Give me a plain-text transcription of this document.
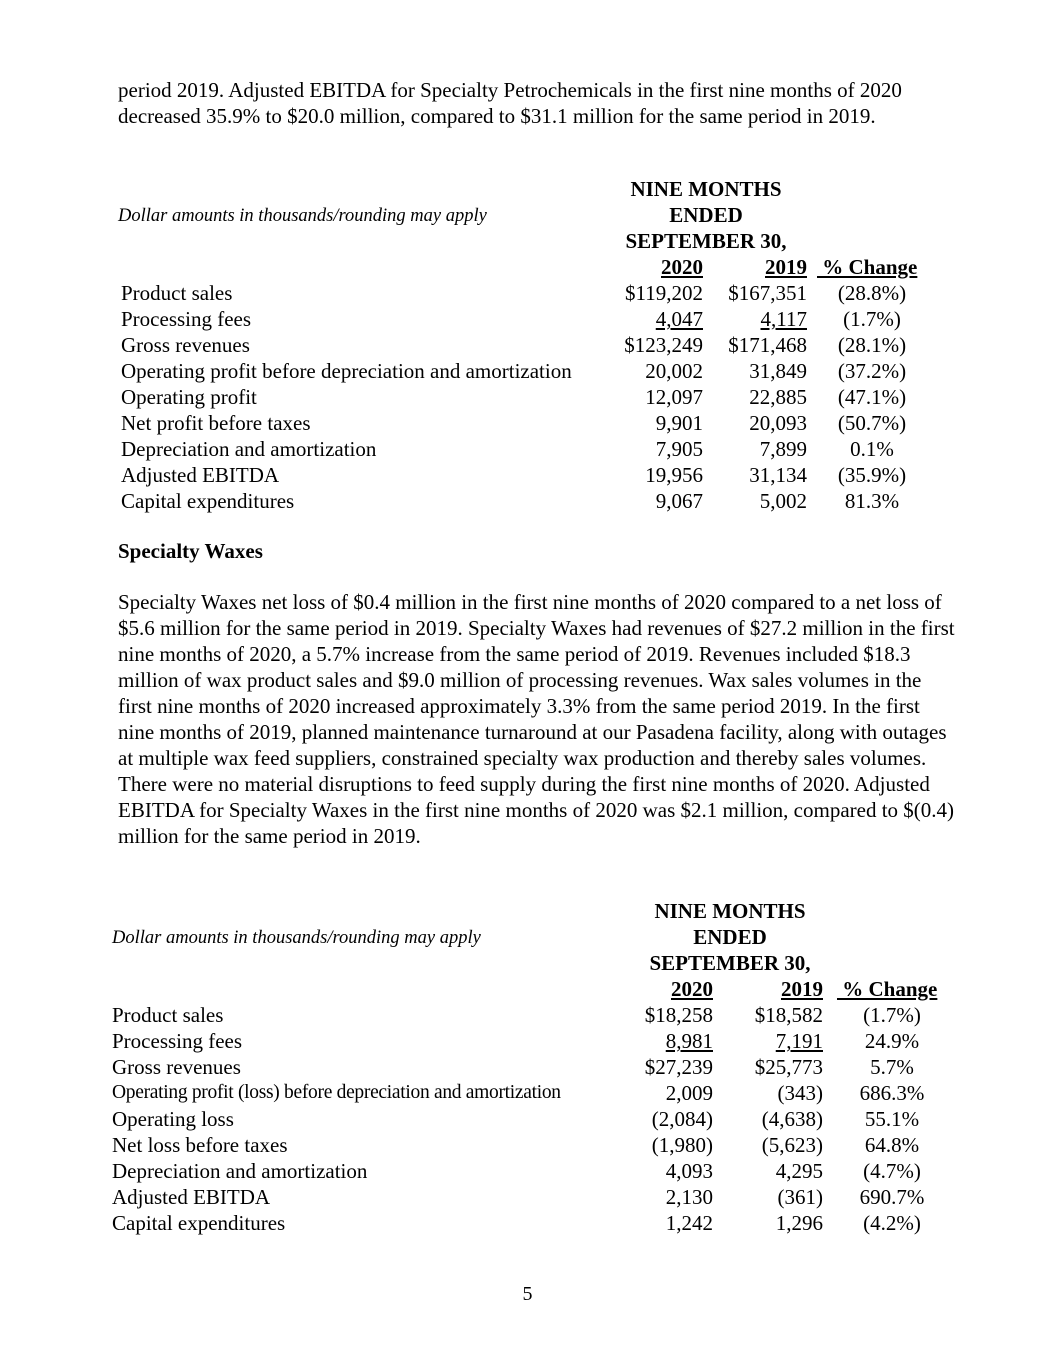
period 2019. Adjusted EBITDA for Specialty Petrochemicals in the first nine months of 2020 decreased 35.9% to $20.0 million, compared to $31.1 million for the same period in 2019.

Dollar amounts in thousands/rounding may apply
NINE MONTHS
ENDED
SEPTEMBER 30,
2020	2019 % Change
Product sales	$119,202	$167,351	(28.8%)
Processing fees	4,047	4,117	(1.7%)
Gross revenues	$123,249	$171,468	(28.1%)
Operating profit before depreciation and amortization	20,002	31,849	(37.2%)
Operating profit	12,097	22,885	(47.1%)
Net profit before taxes	9,901	20,093	(50.7%)
Depreciation and amortization	7,905	7,899	0.1%
Adjusted EBITDA	19,956	31,134	(35.9%)
Capital expenditures	9,067	5,002	81.3%

Specialty Waxes

Specialty Waxes net loss of $0.4 million in the first nine months of 2020 compared to a net loss of $5.6 million for the same period in 2019. Specialty Waxes had revenues of $27.2 million in the first nine months of 2020, a 5.7% increase from the same period of 2019. Revenues included $18.3 million of wax product sales and $9.0 million of processing revenues. Wax sales volumes in the first nine months of 2020 increased approximately 3.3% from the same period 2019. In the first nine months of 2019, planned maintenance turnaround at our Pasadena facility, along with outages at multiple wax feed suppliers, constrained specialty wax production and thereby sales volumes. There were no material disruptions to feed supply during the first nine months of 2020. Adjusted EBITDA for Specialty Waxes in the first nine months of 2020 was $2.1 million, compared to $(0.4) million for the same period in 2019.

Dollar amounts in thousands/rounding may apply
NINE MONTHS
ENDED
SEPTEMBER 30,
2020	2019 % Change
Product sales	$18,258	$18,582	(1.7%)
Processing fees	8,981	7,191	24.9%
Gross revenues	$27,239	$25,773	5.7%
Operating profit (loss) before depreciation and amortization	2,009	(343)	686.3%
Operating loss	(2,084)	(4,638)	55.1%
Net loss before taxes	(1,980)	(5,623)	64.8%
Depreciation and amortization	4,093	4,295	(4.7%)
Adjusted EBITDA	2,130	(361)	690.7%
Capital expenditures	1,242	1,296	(4.2%)
5
